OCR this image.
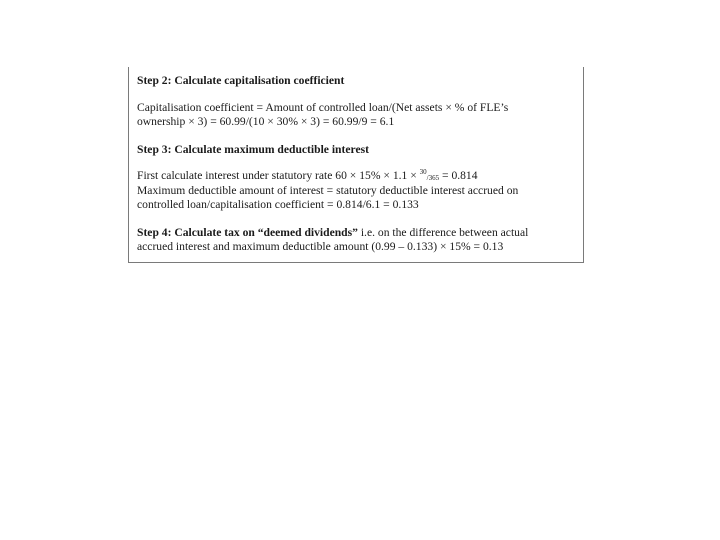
Step 2: Calculate capitalisation coefficient
Capitalisation coefficient = Amount of controlled loan/(Net assets × % of FLE’s
ownership × 3) = 60.99/(10 × 30% × 3) = 60.99/9 = 6.1
Step 3: Calculate maximum deductible interest
First calculate interest under statutory rate 60 × 15% × 1.1 × $^{30}_{/365}$ = 0.814
Maximum deductible amount of interest = statutory deductible interest accrued on
controlled loan/capitalisation coefficient = 0.814/6.1 = 0.133
Step 4: Calculate tax on “deemed dividends” i.e. on the difference between actual
accrued interest and maximum deductible amount (0.99 – 0.133) × 15% = 0.13
